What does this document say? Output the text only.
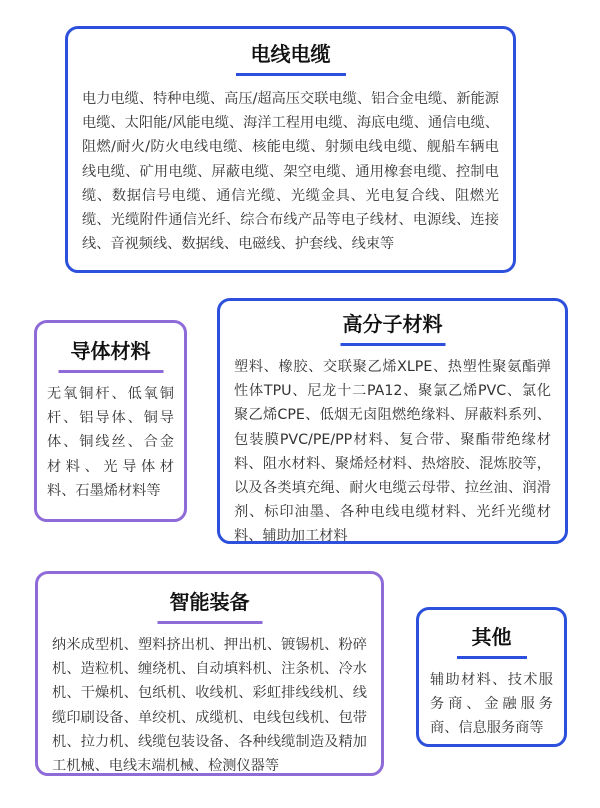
电线电缆
电力电缆、特种电缆、高压/超高压交联电缆、铝合金电缆、新能源电缆、太阳能/风能电缆、海洋工程用电缆、海底电缆、通信电缆、阻燃/耐火/防火电线电缆、核能电缆、射频电线电缆、舰船车辆电线电缆、矿用电缆、屏蔽电缆、架空电缆、通用橡套电缆、控制电缆、数据信号电缆、通信光缆、光缆金具、光电复合线、阻燃光缆、光缆附件通信光纤、综合布线产品等电子线材、电源线、连接线、音视频线、数据线、电磁线、护套线、线束等
导体材料
无氧铜杆、低氧铜杆、铝导体、铜导体、铜线丝、合金材料、光导体材料、石墨烯材料等
高分子材料
塑料、橡胶、交联聚乙烯XLPE、热塑性聚氨酯弹性体TPU、尼龙十二PA12、聚氯乙烯PVC、氯化聚乙烯CPE、低烟无卤阻燃绝缘料、屏蔽料系列、包装膜PVC/PE/PP材料、复合带、聚酯带绝缘材料、阻水材料、聚烯烃材料、热熔胶、混炼胶等，以及各类填充绳、耐火电缆云母带、拉丝油、润滑剂、标印油墨、各种电线电缆材料、光纤光缆材料、辅助加工材料
智能装备
纳米成型机、塑料挤出机、押出机、镀锡机、粉碎机、造粒机、缠绕机、自动填料机、注条机、冷水机、干燥机、包纸机、收线机、彩虹排线线机、线缆印刷设备、单绞机、成缆机、电线包线机、包带机、拉力机、线缆包装设备、各种线缆制造及精加工机械、电线末端机械、检测仪器等
其他
辅助材料、技术服务商、金融服务商、信息服务商等
